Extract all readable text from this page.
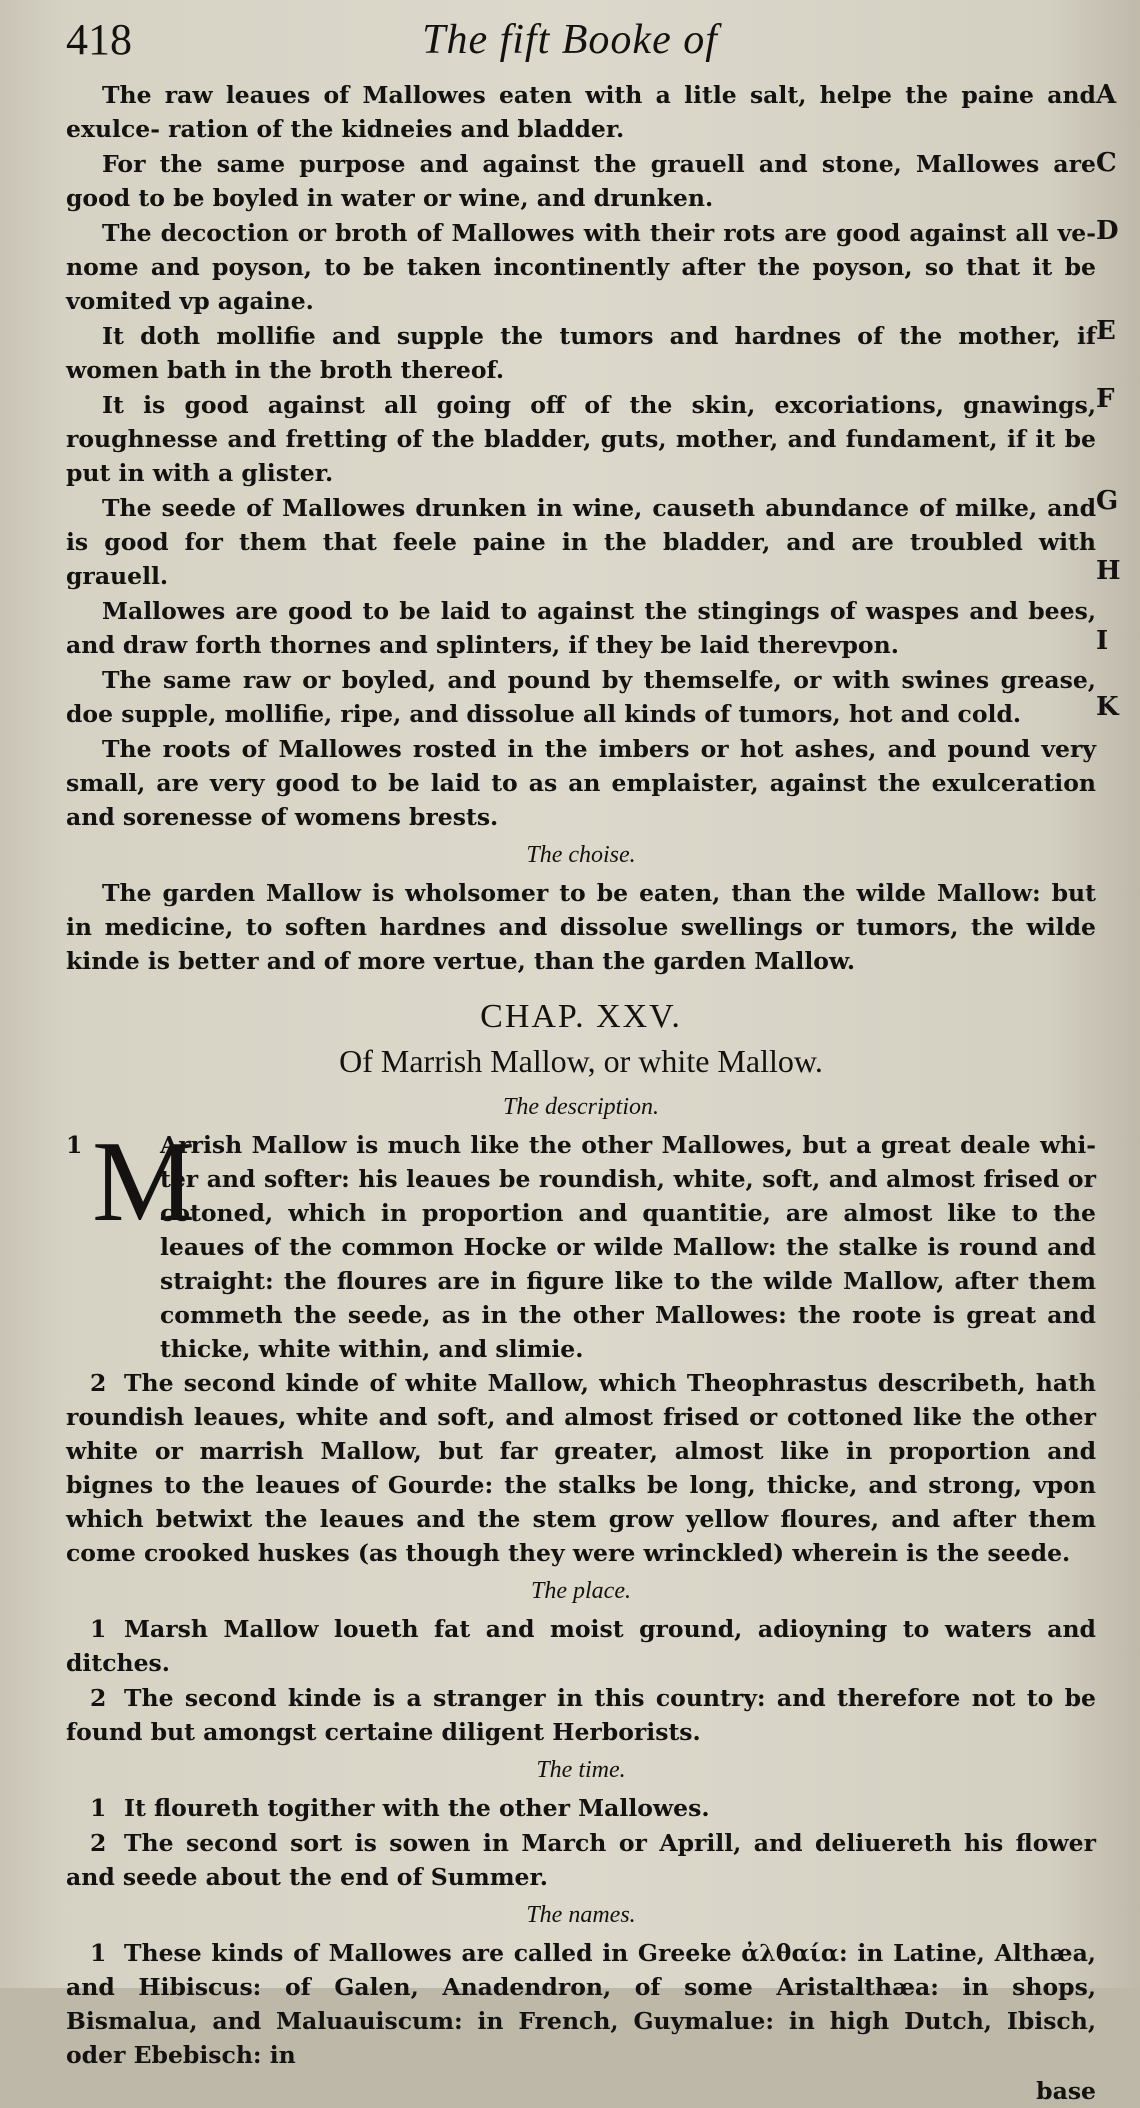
418	The fift Booke of
A
C
D
E
F
G
H
I
K

The raw leaues of Mallowes eaten with a litle salt, helpe the paine and exulce- ration of the kidneies and bladder.

For the same purpose and against the grauell and stone, Mallowes are good to be boyled in water or wine, and drunken.

The decoction or broth of Mallowes with their rots are good against all ve- nome and poyson, to be taken incontinently after the poyson, so that it be vomited vp againe.

It doth mollifie and supple the tumors and hardnes of the mother, if women bath in the broth thereof.

It is good against all going off of the skin, excoriations, gnawings, roughnesse and fretting of the bladder, guts, mother, and fundament, if it be put in with a glister.

The seede of Mallowes drunken in wine, causeth abundance of milke, and is good for them that feele paine in the bladder, and are troubled with grauell.

Mallowes are good to be laid to against the stingings of waspes and bees, and draw forth thornes and splinters, if they be laid therevpon.

The same raw or boyled, and pound by themselfe, or with swines grease, doe supple, mollifie, ripe, and dissolue all kinds of tumors, hot and cold.

The roots of Mallowes rosted in the imbers or hot ashes, and pound very small, are very good to be laid to as an emplaister, against the exulceration and sorenesse of womens brests.

The choise.

The garden Mallow is wholsomer to be eaten, than the wilde Mallow: but in medicine, to soften hardnes and dissolue swellings or tumors, the wilde kinde is better and of more vertue, than the garden Mallow.

CHAP. XXV.
Of Marrish Mallow, or white Mallow.
The description.
1 M
Arrish Mallow is much like the other Mallowes, but a great deale whi- ter and softer: his leaues be roundish, white, soft, and almost frised or cotoned, which in proportion and quantitie, are almost like to the leaues of the common Hocke or wilde Mallow: the stalke is round and straight: the floures are in figure like to the wilde Mallow, after them commeth the seede, as in the other Mallowes: the roote is great and thicke, white within, and slimie.

2 The second kinde of white Mallow, which Theophrastus describeth, hath roundish leaues, white and soft, and almost frised or cottoned like the other white or marrish Mallow, but far greater, almost like in proportion and bignes to the leaues of Gourde: the stalks be long, thicke, and strong, vpon which betwixt the leaues and the stem grow yellow floures, and after them come crooked huskes (as though they were wrinckled) wherein is the seede.

The place.

1 Marsh Mallow loueth fat and moist ground, adioyning to waters and ditches.

2 The second kinde is a stranger in this country: and therefore not to be found but amongst certaine diligent Herborists.

The time.

1 It floureth togither with the other Mallowes.

2 The second sort is sowen in March or Aprill, and deliuereth his flower and seede about the end of Summer.

The names.

1 These kinds of Mallowes are called in Greeke ἀλθαία: in Latine, Althæa, and Hibiscus: of Galen, Anadendron, of some Aristalthæa: in shops, Bismalua, and Maluauiscum: in French, Guymalue: in high Dutch, Ibisch, oder Ebebisch: in

base
